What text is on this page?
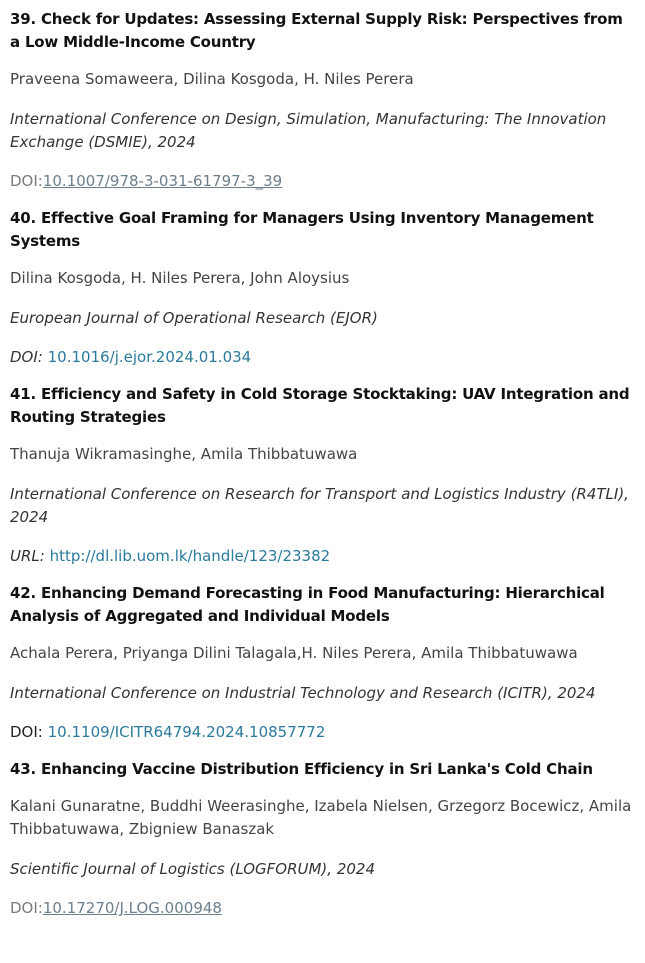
39. Check for Updates: Assessing External Supply Risk: Perspectives from a Low Middle-Income Country
Praveena Somaweera, Dilina Kosgoda, H. Niles Perera
International Conference on Design, Simulation, Manufacturing: The Innovation Exchange (DSMIE), 2024
DOI:10.1007/978-3-031-61797-3_39
40. Effective Goal Framing for Managers Using Inventory Management Systems
Dilina Kosgoda, H. Niles Perera, John Aloysius
European Journal of Operational Research (EJOR)
DOI: 10.1016/j.ejor.2024.01.034
41. Efficiency and Safety in Cold Storage Stocktaking: UAV Integration and Routing Strategies
Thanuja Wikramasinghe, Amila Thibbatuwawa
International Conference on Research for Transport and Logistics Industry (R4TLI), 2024
URL: http://dl.lib.uom.lk/handle/123/23382
42. Enhancing Demand Forecasting in Food Manufacturing: Hierarchical Analysis of Aggregated and Individual Models
Achala Perera, Priyanga Dilini Talagala,H. Niles Perera, Amila Thibbatuwawa
International Conference on Industrial Technology and Research (ICITR), 2024
DOI: 10.1109/ICITR64794.2024.10857772
43. Enhancing Vaccine Distribution Efficiency in Sri Lanka's Cold Chain
Kalani Gunaratne, Buddhi Weerasinghe, Izabela Nielsen, Grzegorz Bocewicz, Amila Thibbatuwawa, Zbigniew Banaszak
Scientific Journal of Logistics (LOGFORUM), 2024
DOI:10.17270/J.LOG.000948
